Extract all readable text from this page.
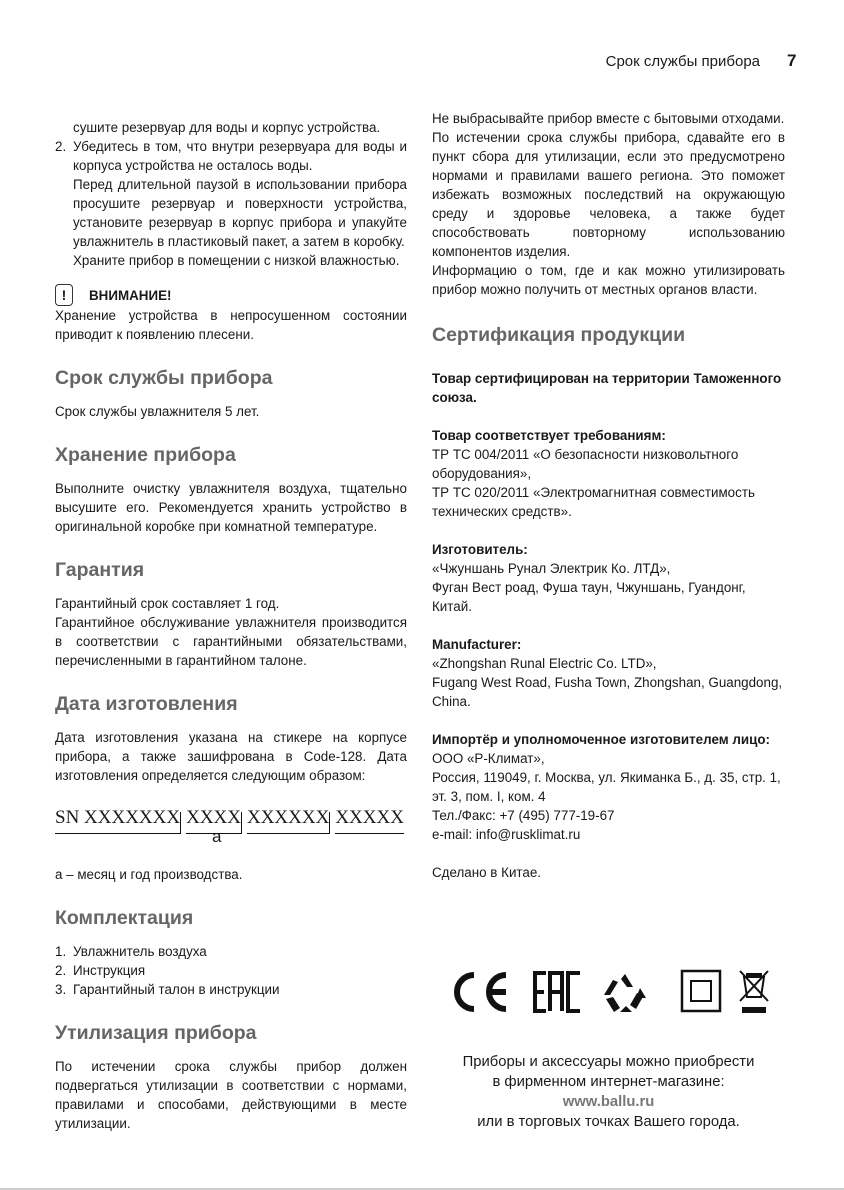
Срок службы прибора 7

сушите резервуар для воды и корпус устройства.

2. Убедитесь в том, что внутри резервуара для воды и корпуса устройства не осталось воды.

Перед длительной паузой в использовании прибора просушите резервуар и поверхности устройства, установите резервуар в корпус прибора и упакуйте увлажнитель в пластиковый пакет, а затем в коробку.

Храните прибор в помещении с низкой влажностью.

!	ВНИМАНИЕ!

Хранение устройства в непросушенном состоянии приводит к появлению плесени.

Срок службы прибора

Срок службы увлажнителя 5 лет.

Хранение прибора

Выполните очистку увлажнителя воздуха, тщательно высушите его. Рекомендуется хранить устройство в оригинальной коробке при комнатной температуре.

Гарантия

Гарантийный срок составляет 1 год.

Гарантийное обслуживание увлажнителя производится в соответствии с гарантийными обязательствами, перечисленными в гарантийном талоне.

Дата изготовления

Дата изготовления указана на стикере на корпусе прибора, а также зашифрована в Code-128. Дата изготовления определяется следующим образом:

SN XXXXXXX XXXX XXXXXX XXXXX
a

а – месяц и год производства.

Комплектация

1. Увлажнитель воздуха

2. Инструкция

3. Гарантийный талон в инструкции

Утилизация прибора

По истечении срока службы прибор должен подвергаться утилизации в соответствии с нормами, правилами и способами, действующими в месте утилизации.

Не выбрасывайте прибор вместе с бытовыми отходами.

По истечении срока службы прибора, сдавайте его в пункт сбора для утилизации, если это предусмотрено нормами и правилами вашего региона. Это поможет избежать возможных последствий на окружающую среду и здоровье человека, а также будет способствовать повторному использованию компонентов изделия.

Информацию о том, где и как можно утилизировать прибор можно получить от местных органов власти.

Сертификация продукции

Товар сертифицирован на территории Таможенного союза.

Товар соответствует требованиям:

ТР ТС 004/2011 «О безопасности низковольтного оборудования»,

ТР ТС 020/2011 «Электромагнитная совместимость технических средств».

Изготовитель:

«Чжуншань Рунал Электрик Ко. ЛТД»,

Фуган Вест роад, Фуша таун, Чжуншань, Гуандонг, Китай.

Manufacturer:

«Zhongshan Runal Electric Co. LTD»,

Fugang West Road, Fusha Town, Zhongshan, Guangdong, China.

Импортёр и уполномоченное изготовителем лицо:

ООО «Р-Климат»,

Россия, 119049, г. Москва, ул. Якиманка Б., д. 35, стр. 1, эт. 3, пом. I, ком. 4

Тел./Факс: +7 (495) 777-19-67

e-mail: info@rusklimat.ru

Сделано в Китае.

Приборы и аксессуары можно приобрести
в фирменном интернет-магазине:
www.ballu.ru
или в торговых точках Вашего города.
